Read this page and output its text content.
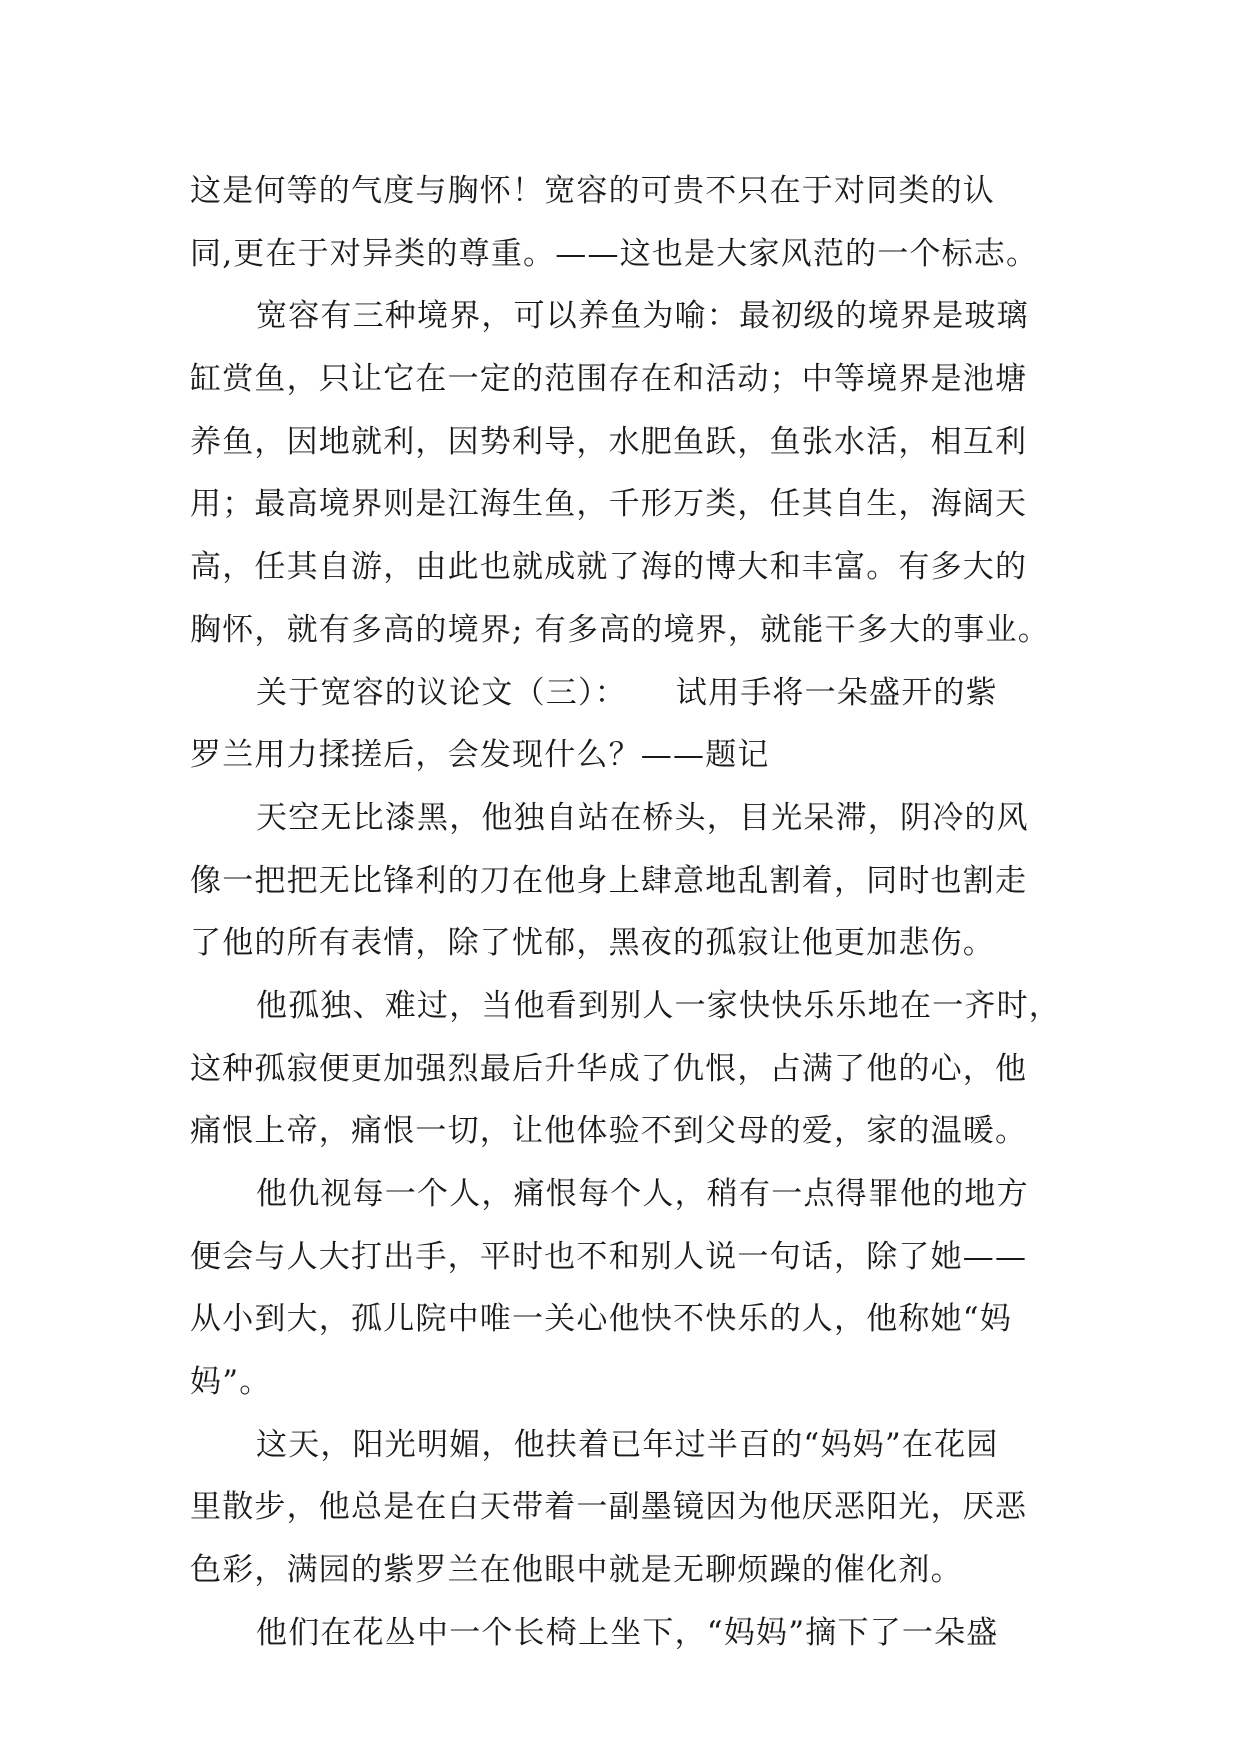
这是何等的气度与胸怀！宽容的可贵不只在于对同类的认
同,更在于对异类的尊重。——这也是大家风范的一个标志。
宽容有三种境界，可以养鱼为喻：最初级的境界是玻璃
缸赏鱼，只让它在一定的范围存在和活动；中等境界是池塘
养鱼，因地就利，因势利导，水肥鱼跃，鱼张水活，相互利
用；最高境界则是江海生鱼，千形万类，任其自生，海阔天
高，任其自游，由此也就成就了海的博大和丰富。有多大的
胸怀，就有多高的境界; 有多高的境界，就能干多大的事业。
关于宽容的议论文（三）：　　试用手将一朵盛开的紫
罗兰用力揉搓后，会发现什么？——题记
天空无比漆黑，他独自站在桥头，目光呆滞，阴冷的风
像一把把无比锋利的刀在他身上肆意地乱割着，同时也割走
了他的所有表情，除了忧郁，黑夜的孤寂让他更加悲伤。
他孤独、难过，当他看到别人一家快快乐乐地在一齐时，
这种孤寂便更加强烈最后升华成了仇恨，占满了他的心，他
痛恨上帝，痛恨一切，让他体验不到父母的爱，家的温暖。
他仇视每一个人，痛恨每个人，稍有一点得罪他的地方
便会与人大打出手，平时也不和别人说一句话，除了她——
从小到大，孤儿院中唯一关心他快不快乐的人，他称她“妈
妈”。
这天，阳光明媚，他扶着已年过半百的“妈妈”在花园
里散步，他总是在白天带着一副墨镜因为他厌恶阳光，厌恶
色彩，满园的紫罗兰在他眼中就是无聊烦躁的催化剂。
他们在花丛中一个长椅上坐下，“妈妈”摘下了一朵盛
